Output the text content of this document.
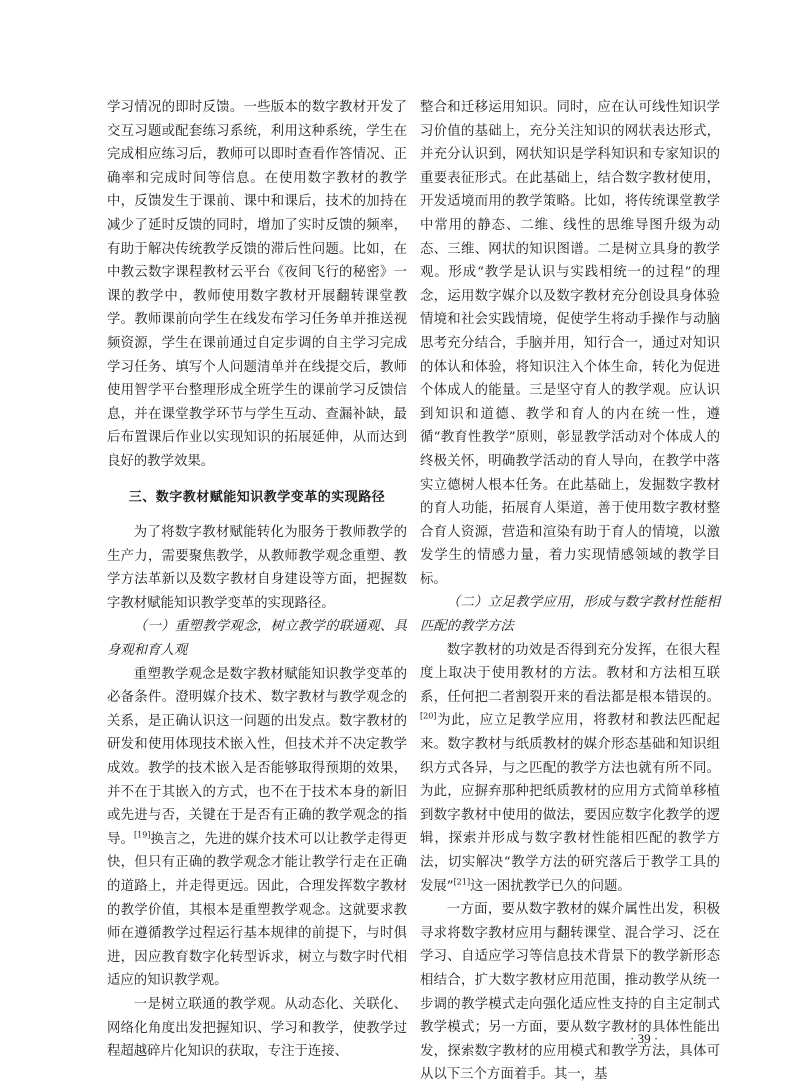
学习情况的即时反馈。一些版本的数字教材开发了交互习题或配套练习系统，利用这种系统，学生在完成相应练习后，教师可以即时查看作答情况、正确率和完成时间等信息。在使用数字教材的教学中，反馈发生于课前、课中和课后，技术的加持在减少了延时反馈的同时，增加了实时反馈的频率，有助于解决传统教学反馈的滞后性问题。比如，在中教云数字课程教材云平台《夜间飞行的秘密》一课的教学中，教师使用数字教材开展翻转课堂教学。教师课前向学生在线发布学习任务单并推送视频资源，学生在课前通过自定步调的自主学习完成学习任务、填写个人问题清单并在线提交后，教师使用智学平台整理形成全班学生的课前学习反馈信息，并在课堂教学环节与学生互动、查漏补缺，最后布置课后作业以实现知识的拓展延伸，从而达到良好的教学效果。

三、数字教材赋能知识教学变革的实现路径

为了将数字教材赋能转化为服务于教师教学的生产力，需要聚焦教学，从教师教学观念重塑、教学方法革新以及数字教材自身建设等方面，把握数字教材赋能知识教学变革的实现路径。

（一）重塑教学观念，树立教学的联通观、具身观和育人观

重塑教学观念是数字教材赋能知识教学变革的必备条件。澄明媒介技术、数字教材与教学观念的关系，是正确认识这一问题的出发点。数字教材的研发和使用体现技术嵌入性，但技术并不决定教学成效。教学的技术嵌入是否能够取得预期的效果，并不在于其嵌入的方式，也不在于技术本身的新旧或先进与否，关键在于是否有正确的教学观念的指导。[19]换言之，先进的媒介技术可以让教学走得更快，但只有正确的教学观念才能让教学行走在正确的道路上，并走得更远。因此，合理发挥数字教材的教学价值，其根本是重塑教学观念。这就要求教师在遵循教学过程运行基本规律的前提下，与时俱进，因应教育数字化转型诉求，树立与数字时代相适应的知识教学观。

一是树立联通的教学观。从动态化、关联化、网络化角度出发把握知识、学习和教学，使教学过程超越碎片化知识的获取，专注于连接、

整合和迁移运用知识。同时，应在认可线性知识学习价值的基础上，充分关注知识的网状表达形式，并充分认识到，网状知识是学科知识和专家知识的重要表征形式。在此基础上，结合数字教材使用，开发适境而用的教学策略。比如，将传统课堂教学中常用的静态、二维、线性的思维导图升级为动态、三维、网状的知识图谱。二是树立具身的教学观。形成“教学是认识与实践相统一的过程”的理念，运用数字媒介以及数字教材充分创设具身体验情境和社会实践情境，促使学生将动手操作与动脑思考充分结合，手脑并用，知行合一，通过对知识的体认和体验，将知识注入个体生命，转化为促进个体成人的能量。三是坚守育人的教学观。应认识到知识和道德、教学和育人的内在统一性，遵循“教育性教学”原则，彰显教学活动对个体成人的终极关怀，明确教学活动的育人导向，在教学中落实立德树人根本任务。在此基础上，发掘数字教材的育人功能，拓展育人渠道，善于使用数字教材整合育人资源，营造和渲染有助于育人的情境，以激发学生的情感力量，着力实现情感领域的教学目标。

（二）立足教学应用，形成与数字教材性能相匹配的教学方法

数字教材的功效是否得到充分发挥，在很大程度上取决于使用教材的方法。教材和方法相互联系，任何把二者割裂开来的看法都是根本错误的。[20]为此，应立足教学应用，将教材和教法匹配起来。数字教材与纸质教材的媒介形态基础和知识组织方式各异，与之匹配的教学方法也就有所不同。为此，应摒弃那种把纸质教材的应用方式简单移植到数字教材中使用的做法，要因应数字化教学的逻辑，探索并形成与数字教材性能相匹配的教学方法，切实解决“教学方法的研究落后于教学工具的发展”[21]这一困扰教学已久的问题。

一方面，要从数字教材的媒介属性出发，积极寻求将数字教材应用与翻转课堂、混合学习、泛在学习、自适应学习等信息技术背景下的教学新形态相结合，扩大数字教材应用范围，推动教学从统一步调的教学模式走向强化适应性支持的自主定制式教学模式；另一方面，要从数字教材的具体性能出发，探索数字教材的应用模式和教学方法，具体可从以下三个方面着手。其一，基

· 39 ·
